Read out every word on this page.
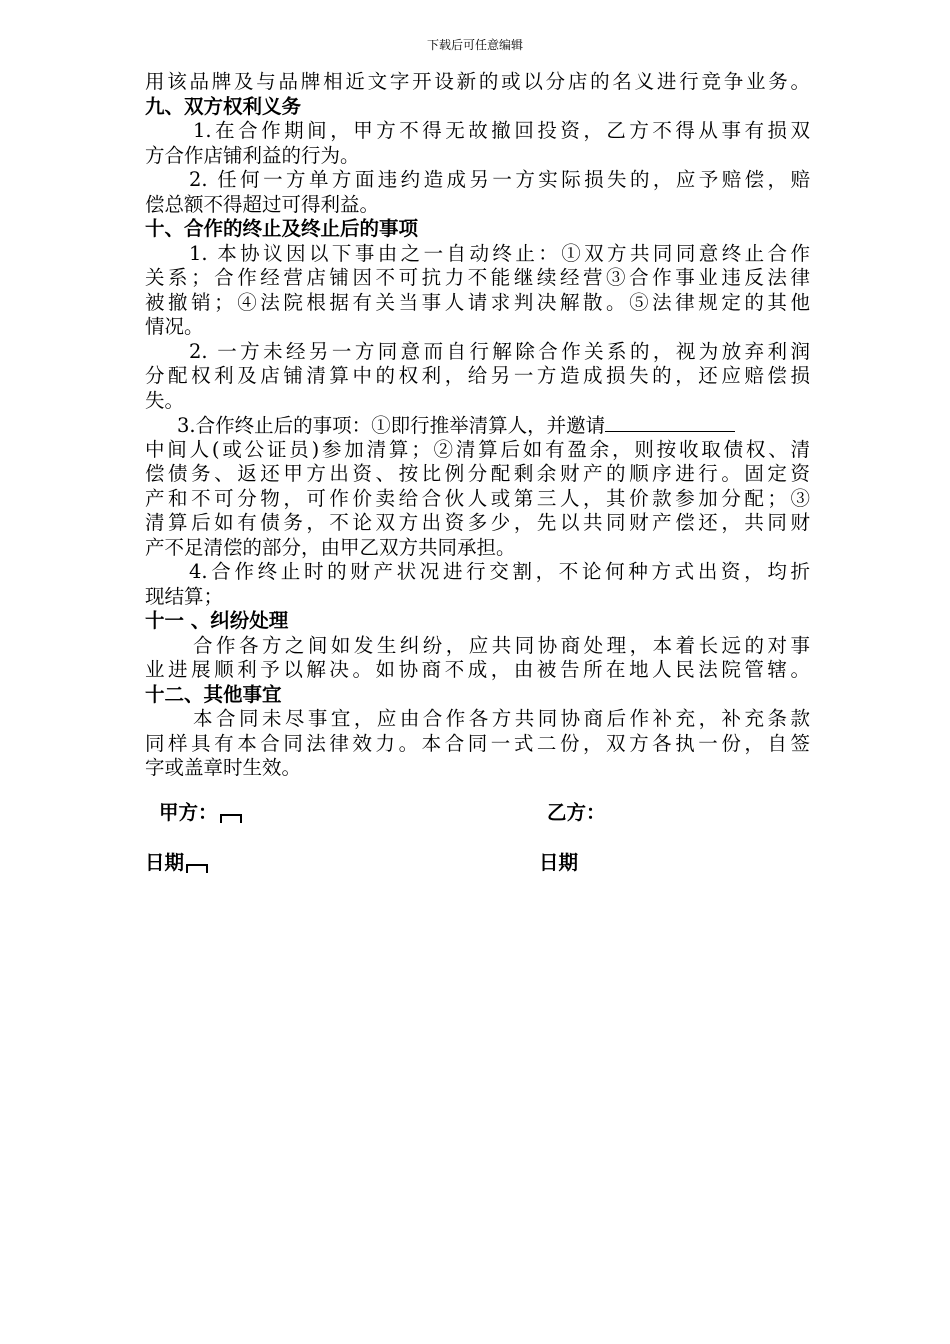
下载后可任意编辑
用该品牌及与品牌相近文字开设新的或以分店的名义进行竞争业务。
九、双方权利义务
1.在合作期间，甲方不得无故撤回投资，乙方不得从事有损双
方合作店铺利益的行为。
2. 任何一方单方面违约造成另一方实际损失的，应予赔偿，赔
偿总额不得超过可得利益。
十、合作的终止及终止后的事项
1. 本协议因以下事由之一自动终止：①双方共同同意终止合作
关系；合作经营店铺因不可抗力不能继续经营③合作事业违反法律
被撤销；④法院根据有关当事人请求判决解散。⑤法律规定的其他
情况。
2. 一方未经另一方同意而自行解除合作关系的，视为放弃利润
分配权利及店铺清算中的权利，给另一方造成损失的，还应赔偿损
失。
3.合作终止后的事项：①即行推举清算人，并邀请
中间人(或公证员)参加清算；②清算后如有盈余，则按收取债权、清
偿债务、返还甲方出资、按比例分配剩余财产的顺序进行。固定资
产和不可分物，可作价卖给合伙人或第三人，其价款参加分配；③
清算后如有债务，不论双方出资多少，先以共同财产偿还，共同财
产不足清偿的部分，由甲乙双方共同承担。
4.合作终止时的财产状况进行交割，不论何种方式出资，均折
现结算；
十一 、纠纷处理
合作各方之间如发生纠纷，应共同协商处理，本着长远的对事
业进展顺利予以解决。如协商不成，由被告所在地人民法院管辖。
十二、其他事宜
本合同未尽事宜，应由合作各方共同协商后作补充，补充条款
同样具有本合同法律效力。本合同一式二份，双方各执一份，自签
字或盖章时生效。
甲方：	乙方：
日期	日期
